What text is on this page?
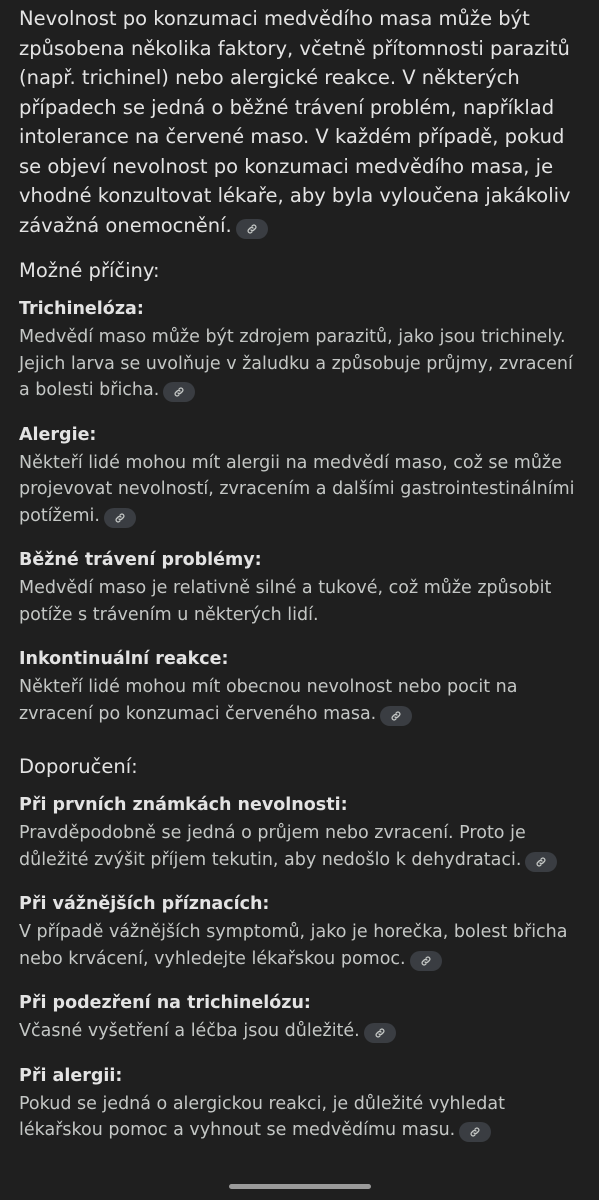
Nevolnost po konzumaci medvědího masa může být způsobena několika faktory, včetně přítomnosti parazitů (např. trichinel) nebo alergické reakce. V některých případech se jedná o běžné trávení problém, například intolerance na červené maso. V každém případě, pokud se objeví nevolnost po konzumaci medvědího masa, je vhodné konzultovat lékaře, aby byla vyloučena jakákoliv závažná onemocnění.

Možné příčiny:
Trichinelóza:

Medvědí maso může být zdrojem parazitů, jako jsou trichinely. Jejich larva se uvolňuje v žaludku a způsobuje průjmy, zvracení a bolesti břicha.

Alergie:

Někteří lidé mohou mít alergii na medvědí maso, což se může projevovat nevolností, zvracením a dalšími gastrointestinálními potížemi.

Běžné trávení problémy:

Medvědí maso je relativně silné a tukové, což může způsobit potíže s trávením u některých lidí.

Inkontinuální reakce:

Někteří lidé mohou mít obecnou nevolnost nebo pocit na zvracení po konzumaci červeného masa.

Doporučení:
Při prvních známkách nevolnosti:

Pravděpodobně se jedná o průjem nebo zvracení. Proto je důležité zvýšit příjem tekutin, aby nedošlo k dehydrataci.

Při vážnějších příznacích:

V případě vážnějších symptomů, jako je horečka, bolest břicha nebo krvácení, vyhledejte lékařskou pomoc.

Při podezření na trichinelózu:

Včasné vyšetření a léčba jsou důležité.

Při alergii:

Pokud se jedná o alergickou reakci, je důležité vyhledat lékařskou pomoc a vyhnout se medvědímu masu.
